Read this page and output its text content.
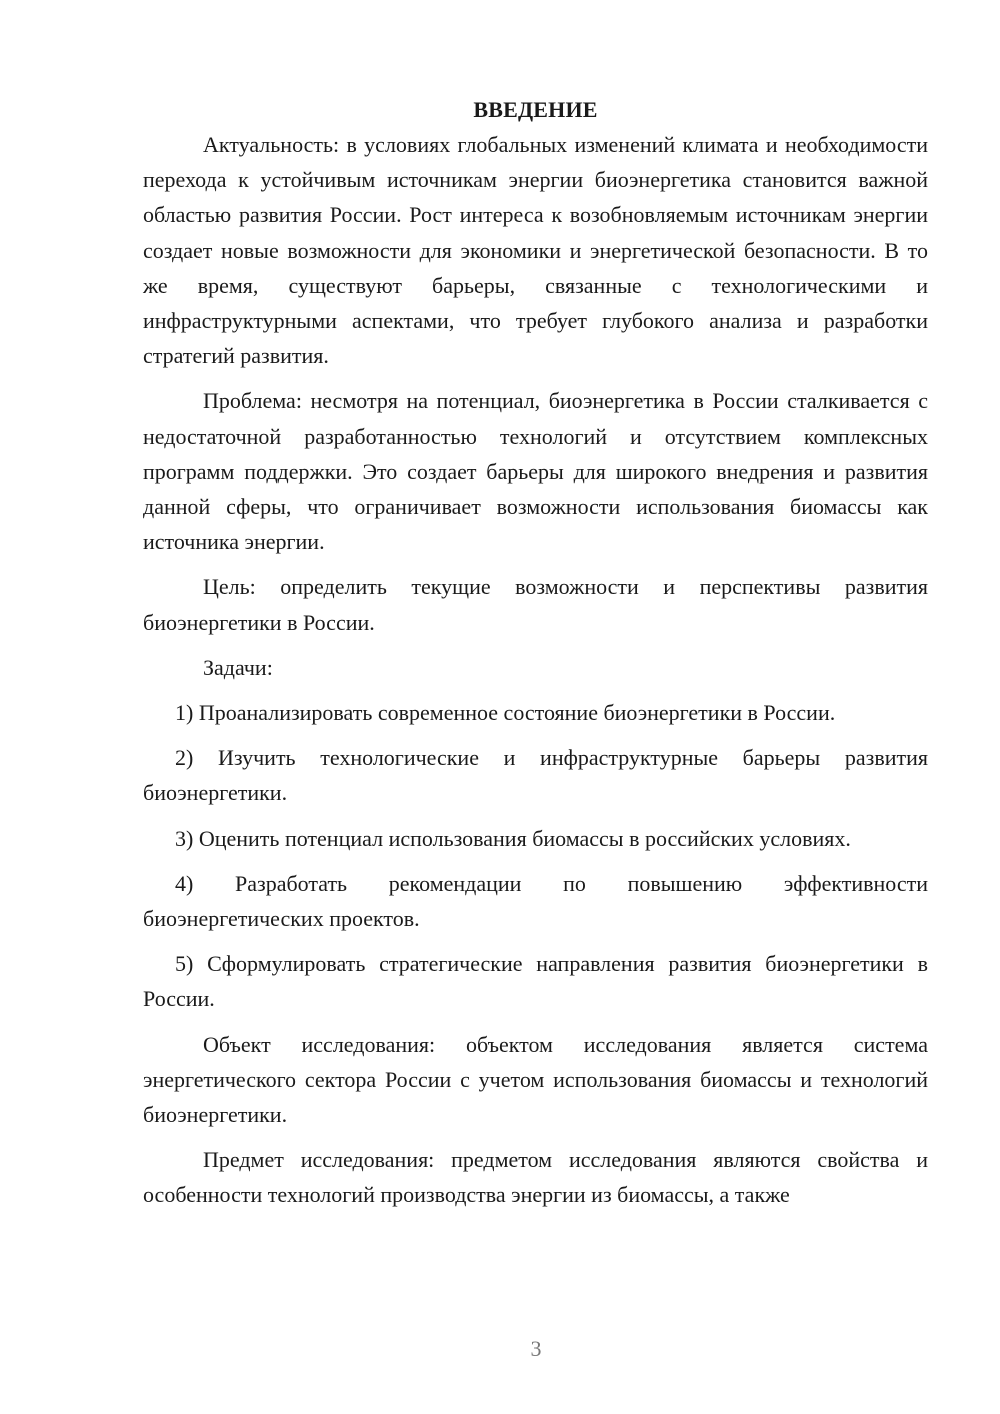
ВВЕДЕНИЕ

Актуальность: в условиях глобальных изменений климата и необходимости перехода к устойчивым источникам энергии биоэнергетика становится важной областью развития России. Рост интереса к возобновляемым источникам энергии создает новые возможности для экономики и энергетической безопасности. В то же время, существуют барьеры, связанные с технологическими и инфраструктурными аспектами, что требует глубокого анализа и разработки стратегий развития.

Проблема: несмотря на потенциал, биоэнергетика в России сталкивается с недостаточной разработанностью технологий и отсутствием комплексных программ поддержки. Это создает барьеры для широкого внедрения и развития данной сферы, что ограничивает возможности использования биомассы как источника энергии.

Цель: определить текущие возможности и перспективы развития биоэнергетики в России.

Задачи:

1) Проанализировать современное состояние биоэнергетики в России.

2) Изучить технологические и инфраструктурные барьеры развития биоэнергетики.

3) Оценить потенциал использования биомассы в российских условиях.

4) Разработать рекомендации по повышению эффективности биоэнергетических проектов.

5) Сформулировать стратегические направления развития биоэнергетики в России.

Объект исследования: объектом исследования является система энергетического сектора России с учетом использования биомассы и технологий биоэнергетики.

Предмет исследования: предметом исследования являются свойства и особенности технологий производства энергии из биомассы, а также

3
